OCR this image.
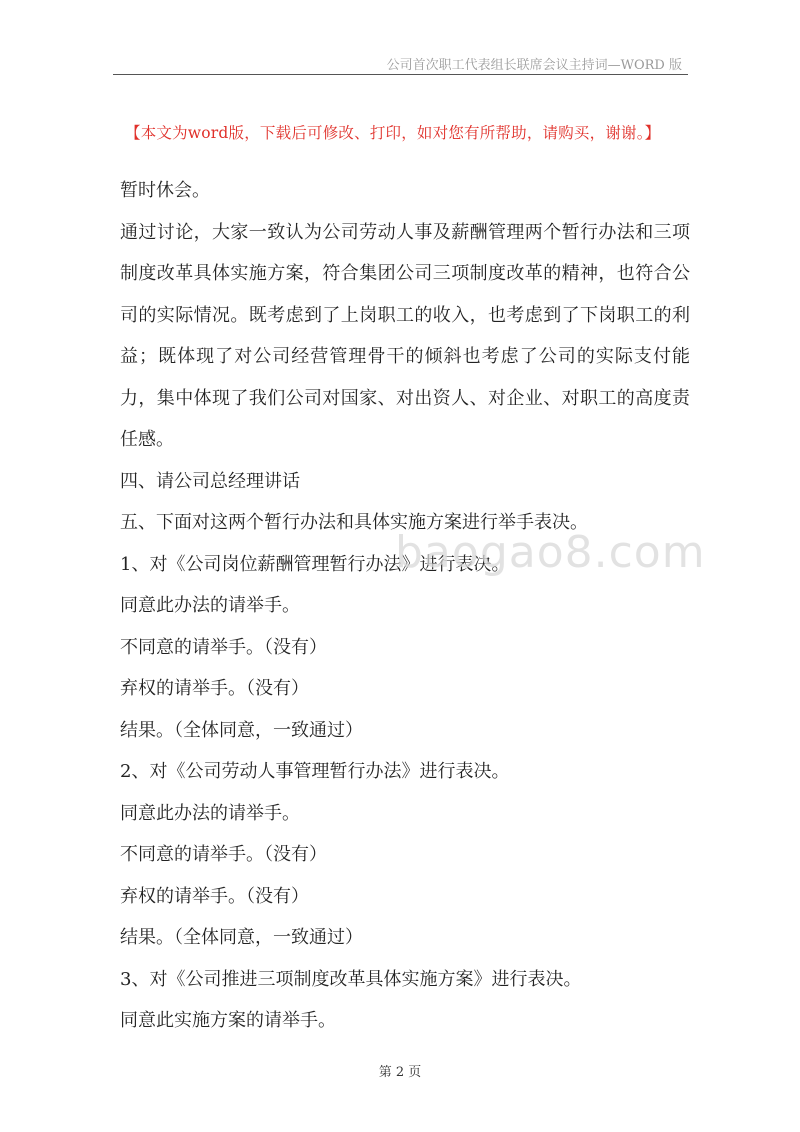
公司首次职工代表组长联席会议主持词—WORD 版
【本文为word版，下载后可修改、打印，如对您有所帮助，请购买，谢谢。】

暂时休会。

通过讨论，大家一致认为公司劳动人事及薪酬管理两个暂行办法和三项制度改革具体实施方案，符合集团公司三项制度改革的精神，也符合公司的实际情况。既考虑到了上岗职工的收入，也考虑到了下岗职工的利益；既体现了对公司经营管理骨干的倾斜也考虑了公司的实际支付能力，集中体现了我们公司对国家、对出资人、对企业、对职工的高度责任感。

四、请公司总经理讲话

五、下面对这两个暂行办法和具体实施方案进行举手表决。

1、对《公司岗位薪酬管理暂行办法》进行表决。

同意此办法的请举手。

不同意的请举手。（没有）

弃权的请举手。（没有）

结果。（全体同意，一致通过）

2、对《公司劳动人事管理暂行办法》进行表决。

同意此办法的请举手。

不同意的请举手。（没有）

弃权的请举手。（没有）

结果。（全体同意，一致通过）

3、对《公司推进三项制度改革具体实施方案》进行表决。

同意此实施方案的请举手。

baogao8.com
第 2 页
